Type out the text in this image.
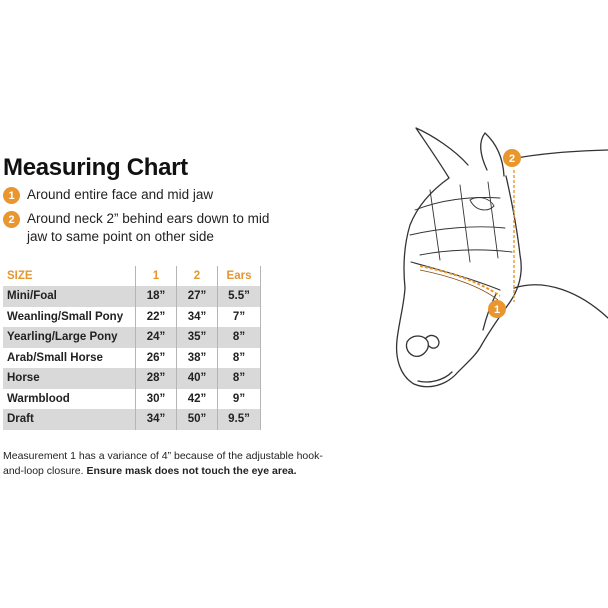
Measuring Chart
1 Around entire face and mid jaw
2 Around neck 2” behind ears down to mid jaw to same point on other side
SIZE	1	2	Ears
Mini/Foal	18”	27”	5.5”
Weanling/Small Pony	22”	34”	7”
Yearling/Large Pony	24”	35”	8”
Arab/Small Horse	26”	38”	8”
Horse	28”	40”	8”
Warmblood	30”	42”	9”
Draft	34”	50”	9.5”
Measurement 1 has a variance of 4” because of the adjustable hook-and-loop closure. Ensure mask does not touch the eye area.
1
2
